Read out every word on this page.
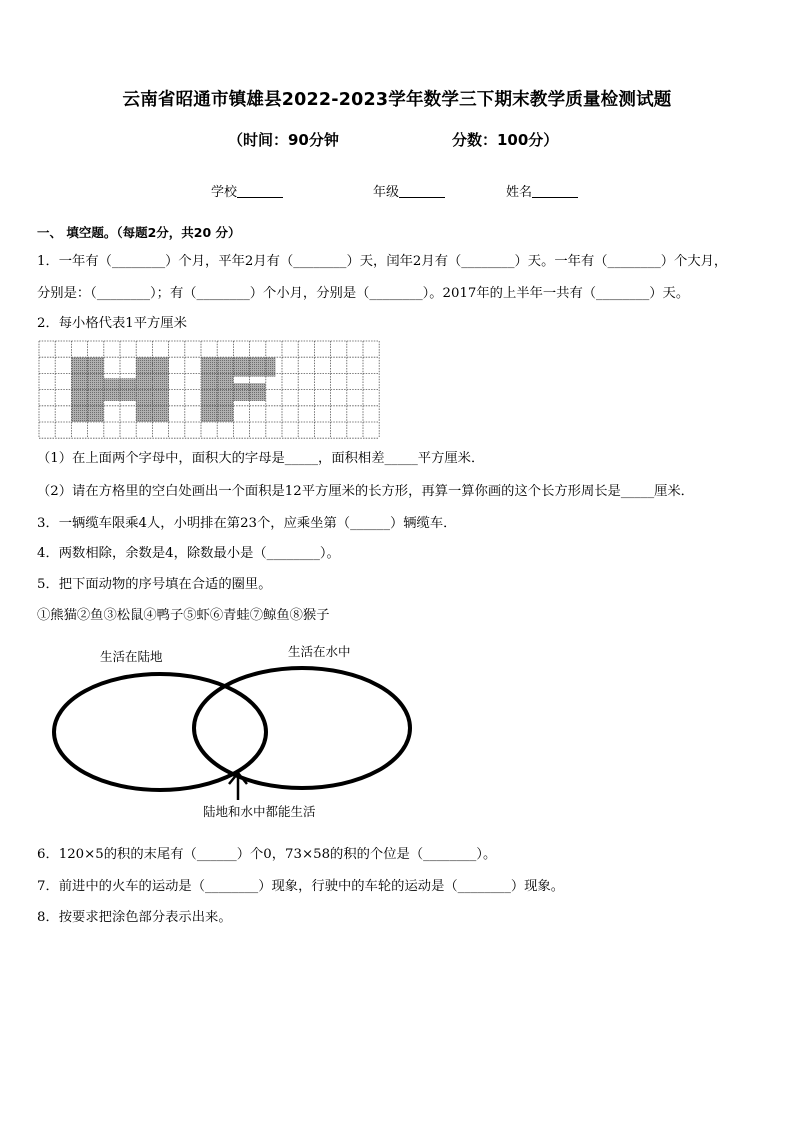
云南省昭通市镇雄县2022-2023学年数学三下期末教学质量检测试题
（时间：90分钟	分数：100分）
学校	年级	姓名
一、 填空题。（每题2分，共20 分）
1．一年有（________）个月，平年2月有（________）天，闰年2月有（________）天。一年有（________）个大月，
分别是：（________）；有（________）个小月，分别是（________）。2017年的上半年一共有（________）天。
2．每小格代表1平方厘米
（1）在上面两个字母中，面积大的字母是_____，面积相差_____平方厘米．
（2）请在方格里的空白处画出一个面积是12平方厘米的长方形，再算一算你画的这个长方形周长是_____厘米．
3．一辆缆车限乘4人，小明排在第23个，应乘坐第（______）辆缆车．
4．两数相除，余数是4，除数最小是（________）。
5．把下面动物的序号填在合适的圈里。
①熊猫②鱼③松鼠④鸭子⑤虾⑥青蛙⑦鲸鱼⑧猴子
生活在陆地	生活在水中
陆地和水中都能生活
6．120×5的积的末尾有（______）个0，73×58的积的个位是（________）。
7．前进中的火车的运动是（________）现象，行驶中的车轮的运动是（________）现象。
8．按要求把涂色部分表示出来。
